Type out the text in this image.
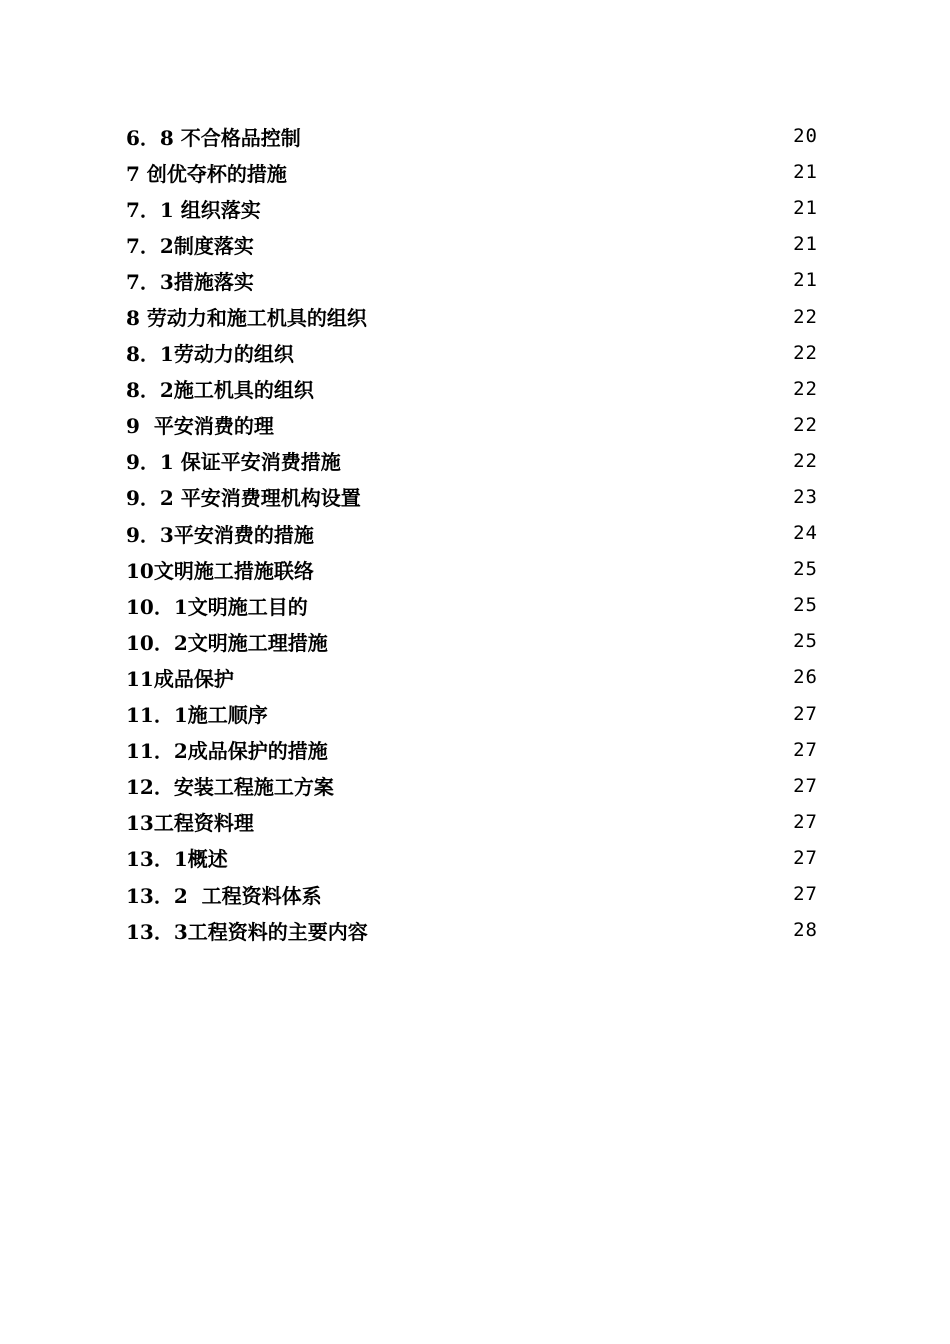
6．8 不合格品控制	20
7 创优夺杯的措施	21
7．1 组织落实	21
7．2制度落实	21
7．3措施落实	21
8 劳动力和施工机具的组织	22
8．1劳动力的组织	22
8．2施工机具的组织	22
9  平安消费的理	22
9．1 保证平安消费措施	22
9．2 平安消费理机构设置	23
9．3平安消费的措施	24
10文明施工措施联络	25
10．1文明施工目的	25
10．2文明施工理措施	25
11成品保护	26
11．1施工顺序	27
11．2成品保护的措施	27
12．安装工程施工方案	27
13工程资料理	27
13．1概述	27
13．2  工程资料体系	27
13．3工程资料的主要内容	28
